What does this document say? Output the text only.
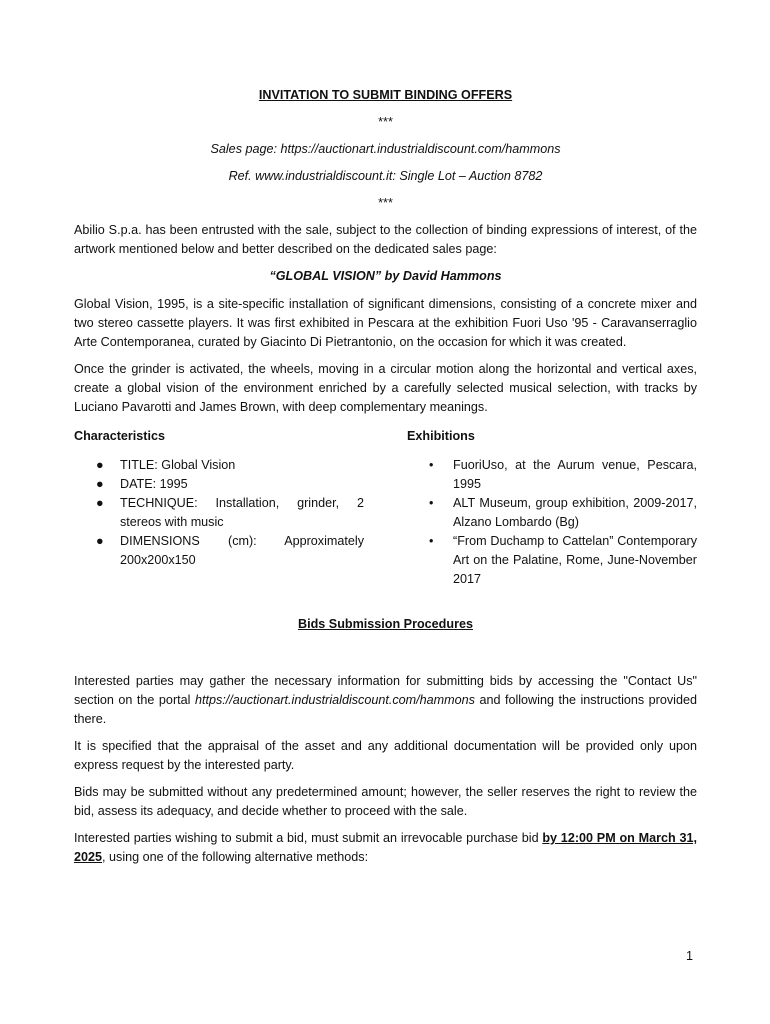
INVITATION TO SUBMIT BINDING OFFERS
***
Sales page: https://auctionart.industrialdiscount.com/hammons
Ref. www.industrialdiscount.it: Single Lot – Auction 8782
***

Abilio S.p.a. has been entrusted with the sale, subject to the collection of binding expressions of interest, of the artwork mentioned below and better described on the dedicated sales page:

“GLOBAL VISION” by David Hammons

Global Vision, 1995, is a site-specific installation of significant dimensions, consisting of a concrete mixer and two stereo cassette players. It was first exhibited in Pescara at the exhibition Fuori Uso '95 - Caravanserraglio Arte Contemporanea, curated by Giacinto Di Pietrantonio, on the occasion for which it was created.

Once the grinder is activated, the wheels, moving in a circular motion along the horizontal and vertical axes, create a global vision of the environment enriched by a carefully selected musical selection, with tracks by Luciano Pavarotti and James Brown, with deep complementary meanings.

Characteristics
● TITLE: Global Vision
● DATE: 1995
● TECHNIQUE: Installation, grinder, 2 stereos with music
● DIMENSIONS (cm): Approximately 200x200x150
Exhibitions
• FuoriUso, at the Aurum venue, Pescara, 1995
• ALT Museum, group exhibition, 2009-2017, Alzano Lombardo (Bg)
• “From Duchamp to Cattelan” Contemporary Art on the Palatine, Rome, June-November 2017
Bids Submission Procedures

Interested parties may gather the necessary information for submitting bids by accessing the "Contact Us" section on the portal https://auctionart.industrialdiscount.com/hammons and following the instructions provided there.

It is specified that the appraisal of the asset and any additional documentation will be provided only upon express request by the interested party.

Bids may be submitted without any predetermined amount; however, the seller reserves the right to review the bid, assess its adequacy, and decide whether to proceed with the sale.

Interested parties wishing to submit a bid, must submit an irrevocable purchase bid by 12:00 PM on March 31, 2025, using one of the following alternative methods:

1
